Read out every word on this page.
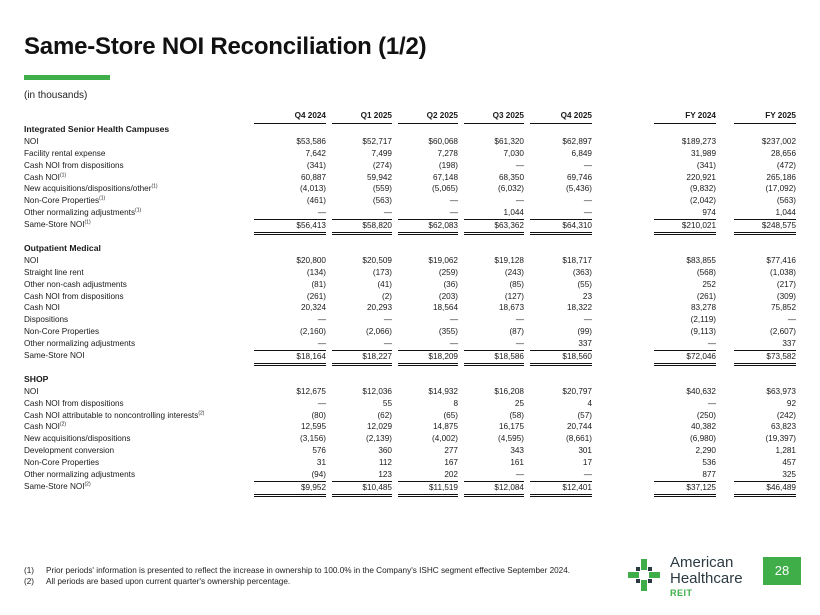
Same-Store NOI Reconciliation (1/2)
(in thousands)
Q4 2024	Q1 2025	Q2 2025	Q3 2025	Q4 2025	FY 2024	FY 2025
Integrated Senior Health Campuses
NOI	$53,586	$52,717	$60,068	$61,320	$62,897	$189,273	$237,002
Facility rental expense	7,642	7,499	7,278	7,030	6,849	31,989	28,656
Cash NOI from dispositions	(341)	(274)	(198)	—	—	(341)	(472)
Cash NOI$^{(1)}$	60,887	59,942	67,148	68,350	69,746	220,921	265,186
New acquisitions/dispositions/other$^{(1)}$	(4,013)	(559)	(5,065)	(6,032)	(5,436)	(9,832)	(17,092)
Non-Core Properties$^{(1)}$	(461)	(563)	—	—	—	(2,042)	(563)
Other normalizing adjustments$^{(1)}$	—	—	—	1,044	—	974	1,044
Same-Store NOI$^{(1)}$	$56,413	$58,820	$62,083	$63,362	$64,310	$210,021	$248,575
Outpatient Medical
NOI	$20,800	$20,509	$19,062	$19,128	$18,717	$83,855	$77,416
Straight line rent	(134)	(173)	(259)	(243)	(363)	(568)	(1,038)
Other non-cash adjustments	(81)	(41)	(36)	(85)	(55)	252	(217)
Cash NOI from dispositions	(261)	(2)	(203)	(127)	23	(261)	(309)
Cash NOI	20,324	20,293	18,564	18,673	18,322	83,278	75,852
Dispositions	—	—	—	—	—	(2,119)	—
Non-Core Properties	(2,160)	(2,066)	(355)	(87)	(99)	(9,113)	(2,607)
Other normalizing adjustments	—	—	—	—	337	—	337
Same-Store NOI	$18,164	$18,227	$18,209	$18,586	$18,560	$72,046	$73,582
SHOP
NOI	$12,675	$12,036	$14,932	$16,208	$20,797	$40,632	$63,973
Cash NOI from dispositions	—	55	8	25	4	—	92
Cash NOI attributable to noncontrolling interests$^{(2)}$	(80)	(62)	(65)	(58)	(57)	(250)	(242)
Cash NOI$^{(2)}$	12,595	12,029	14,875	16,175	20,744	40,382	63,823
New acquisitions/dispositions	(3,156)	(2,139)	(4,002)	(4,595)	(8,661)	(6,980)	(19,397)
Development conversion	576	360	277	343	301	2,290	1,281
Non-Core Properties	31	112	167	161	17	536	457
Other normalizing adjustments	(94)	123	202	—	—	877	325
Same-Store NOI$^{(2)}$	$9,952	$10,485	$11,519	$12,084	$12,401	$37,125	$46,489
(1) Prior periods' information is presented to reflect the increase in ownership to 100.0% in the Company's ISHC segment effective September 2024.
(2) All periods are based upon current quarter's ownership percentage.
American
Healthcare
REIT
28
